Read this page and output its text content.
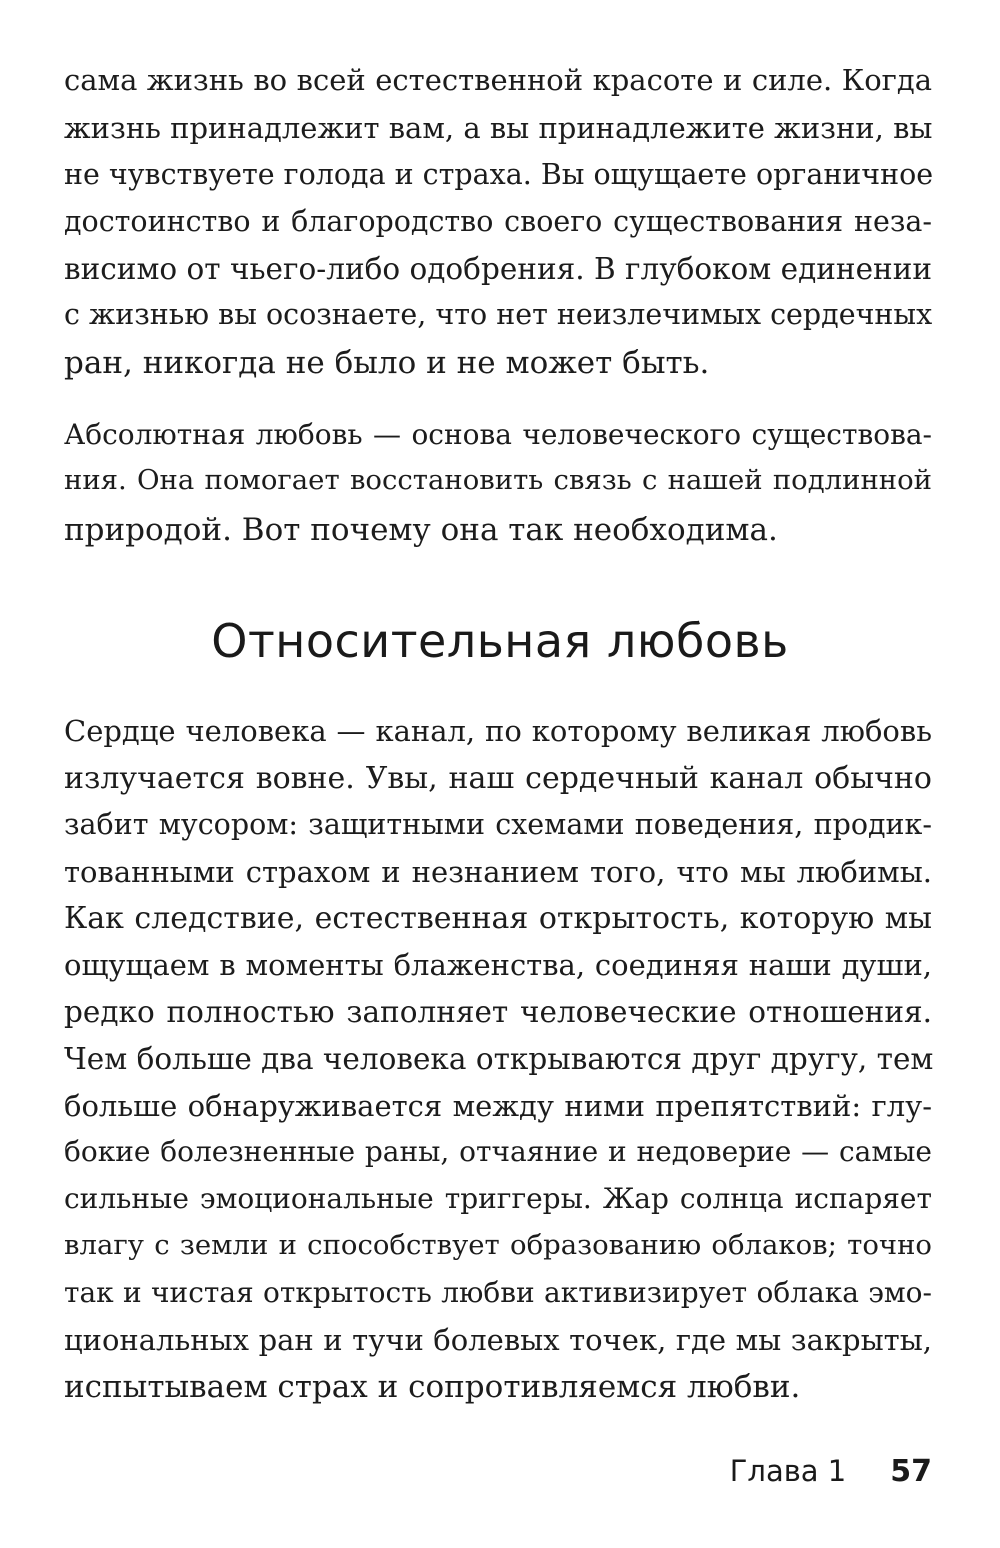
сама жизнь во всей естественной красоте и силе. Когда
жизнь принадлежит вам, а вы принадлежите жизни, вы
не чувствуете голода и страха. Вы ощущаете органичное
достоинство и благородство своего существования неза-
висимо от чьего-либо одобрения. В глубоком единении
с жизнью вы осознаете, что нет неизлечимых сердечных
ран, никогда не было и не может быть.
Абсолютная любовь — основа человеческого существова-
ния. Она помогает восстановить связь с нашей подлинной
природой. Вот почему она так необходима.
Относительная любовь
Сердце человека — канал, по которому великая любовь
излучается вовне. Увы, наш сердечный канал обычно
забит мусором: защитными схемами поведения, продик-
тованными страхом и незнанием того, что мы любимы.
Как следствие, естественная открытость, которую мы
ощущаем в моменты блаженства, соединяя наши души,
редко полностью заполняет человеческие отношения.
Чем больше два человека открываются друг другу, тем
больше обнаруживается между ними препятствий: глу-
бокие болезненные раны, отчаяние и недоверие — самые
сильные эмоциональные триггеры. Жар солнца испаряет
влагу с земли и способствует образованию облаков; точно
так и чистая открытость любви активизирует облака эмо-
циональных ран и тучи болевых точек, где мы закрыты,
испытываем страх и сопротивляемся любви.
Глава 1 57
